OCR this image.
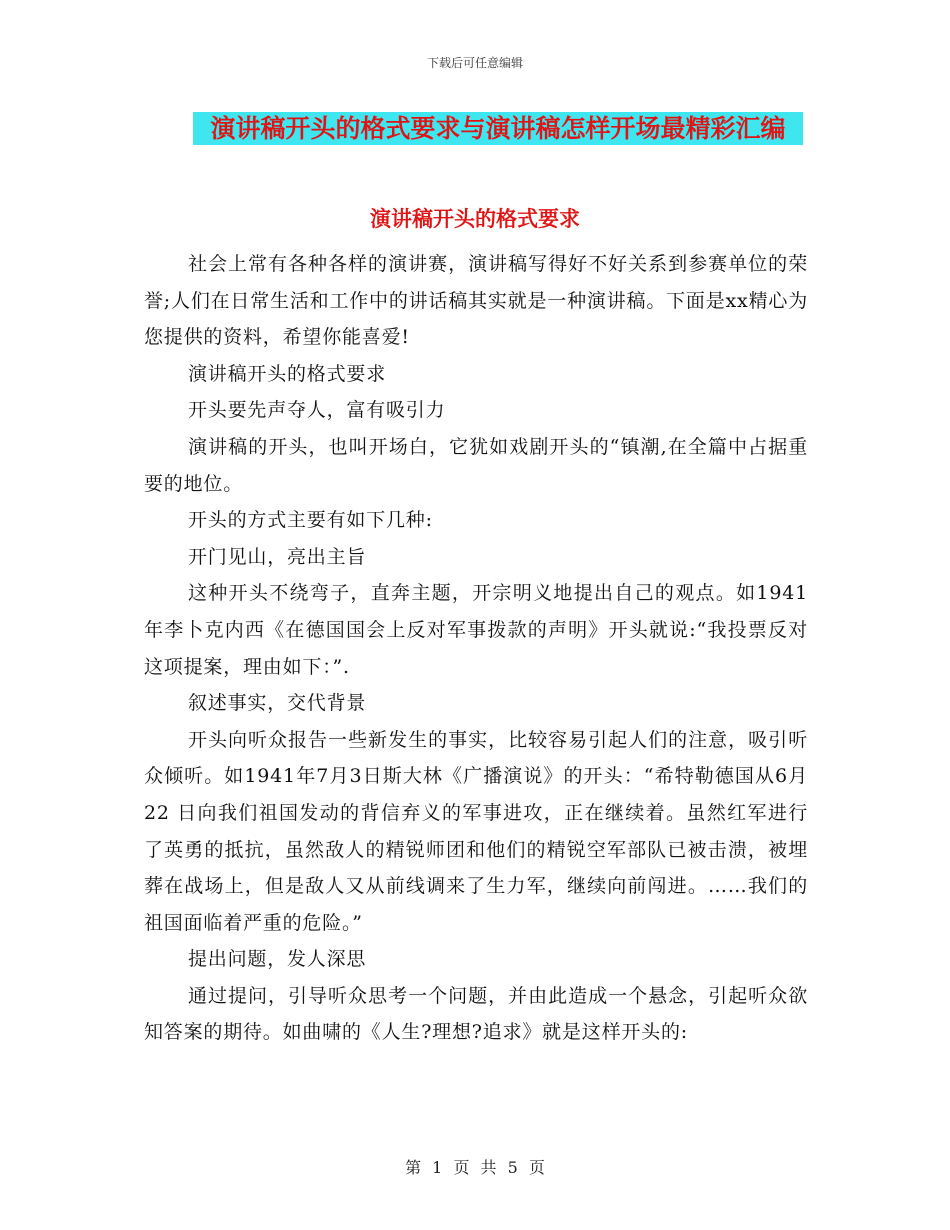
下载后可任意编辑
演讲稿开头的格式要求与演讲稿怎样开场最精彩汇编
演讲稿开头的格式要求

社会上常有各种各样的演讲赛，演讲稿写得好不好关系到参赛单位的荣誉;人们在日常生活和工作中的讲话稿其实就是一种演讲稿。下面是xx精心为您提供的资料，希望你能喜爱!

演讲稿开头的格式要求

开头要先声夺人，富有吸引力

演讲稿的开头，也叫开场白，它犹如戏剧开头的“镇潮,在全篇中占据重要的地位。

开头的方式主要有如下几种:

开门见山，亮出主旨

这种开头不绕弯子，直奔主题，开宗明义地提出自己的观点。如1941年李卜克内西《在德国国会上反对军事拨款的声明》开头就说:“我投票反对这项提案，理由如下：”.

叙述事实，交代背景

开头向听众报告一些新发生的事实，比较容易引起人们的注意，吸引听众倾听。如1941年7月3日斯大林《广播演说》的开头：“希特勒德国从6月22 日向我们祖国发动的背信弃义的军事进攻，正在继续着。虽然红军进行了英勇的抵抗，虽然敌人的精锐师团和他们的精锐空军部队已被击溃，被埋葬在战场上，但是敌人又从前线调来了生力军，继续向前闯进。……我们的祖国面临着严重的危险。”

提出问题，发人深思

通过提问，引导听众思考一个问题，并由此造成一个悬念，引起听众欲知答案的期待。如曲啸的《人生?理想?追求》就是这样开头的:

第 1 页 共 5 页
